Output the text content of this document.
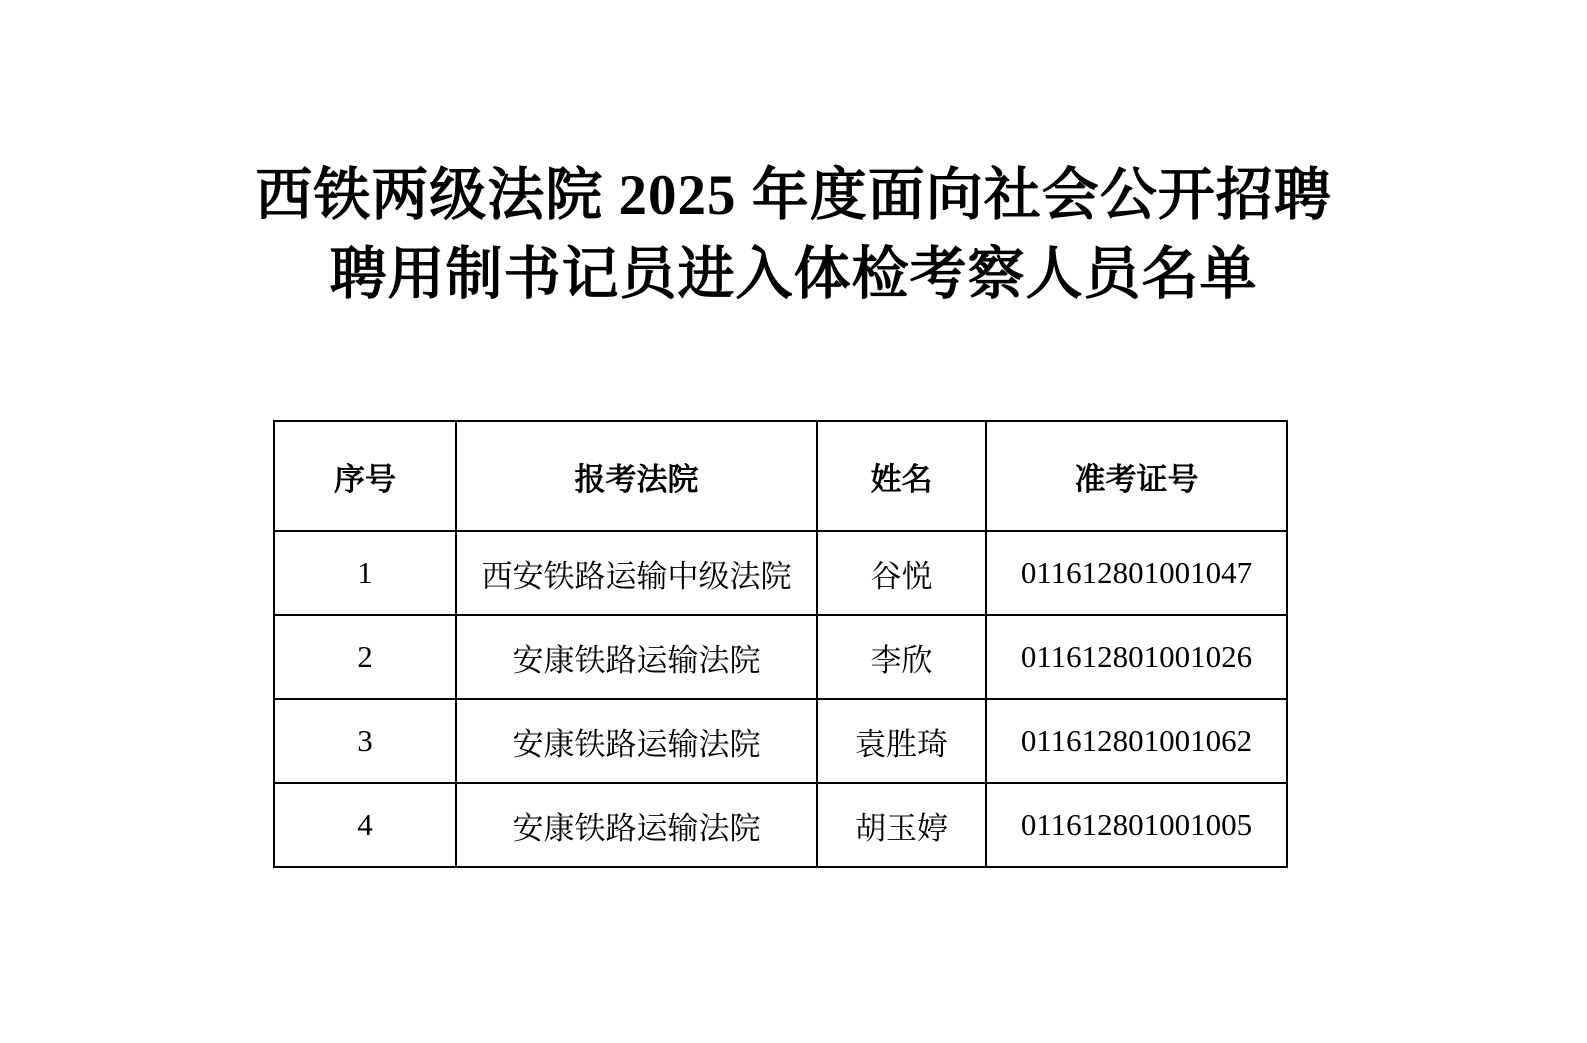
西铁两级法院 2025 年度面向社会公开招聘
聘用制书记员进入体检考察人员名单
序号	报考法院	姓名	准考证号
1	西安铁路运输中级法院	谷悦	011612801001047
2	安康铁路运输法院	李欣	011612801001026
3	安康铁路运输法院	袁胜琦	011612801001062
4	安康铁路运输法院	胡玉婷	011612801001005
